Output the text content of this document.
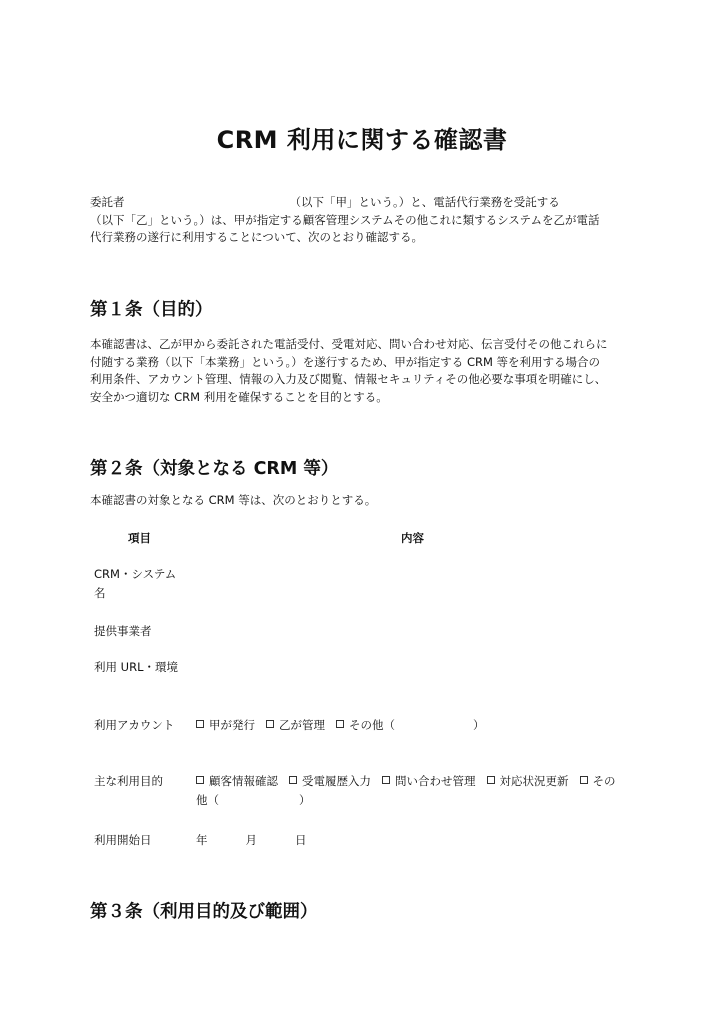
CRM 利用に関する確認書
委託者	（以下「甲」という。）と、電話代行業務を受託する
（以下「乙」という。）は、甲が指定する顧客管理システムその他これに類するシステムを乙が電話
代行業務の遂行に利用することについて、次のとおり確認する。
第１条（目的）
本確認書は、乙が甲から委託された電話受付、受電対応、問い合わせ対応、伝言受付その他これらに
付随する業務（以下「本業務」という。）を遂行するため、甲が指定する CRM 等を利用する場合の
利用条件、アカウント管理、情報の入力及び閲覧、情報セキュリティその他必要な事項を明確にし、
安全かつ適切な CRM 利用を確保することを目的とする。
第２条（対象となる CRM 等）
本確認書の対象となる CRM 等は、次のとおりとする。
項目	内容
CRM・システム
名
提供事業者
利用 URL・環境
利用アカウント	甲が発行 乙が管理 その他（	）
主な利用目的	顧客情報確認 受電履歴入力 問い合わせ管理 対応状況更新 その
他（	）
利用開始日	年	月	日
第３条（利用目的及び範囲）
